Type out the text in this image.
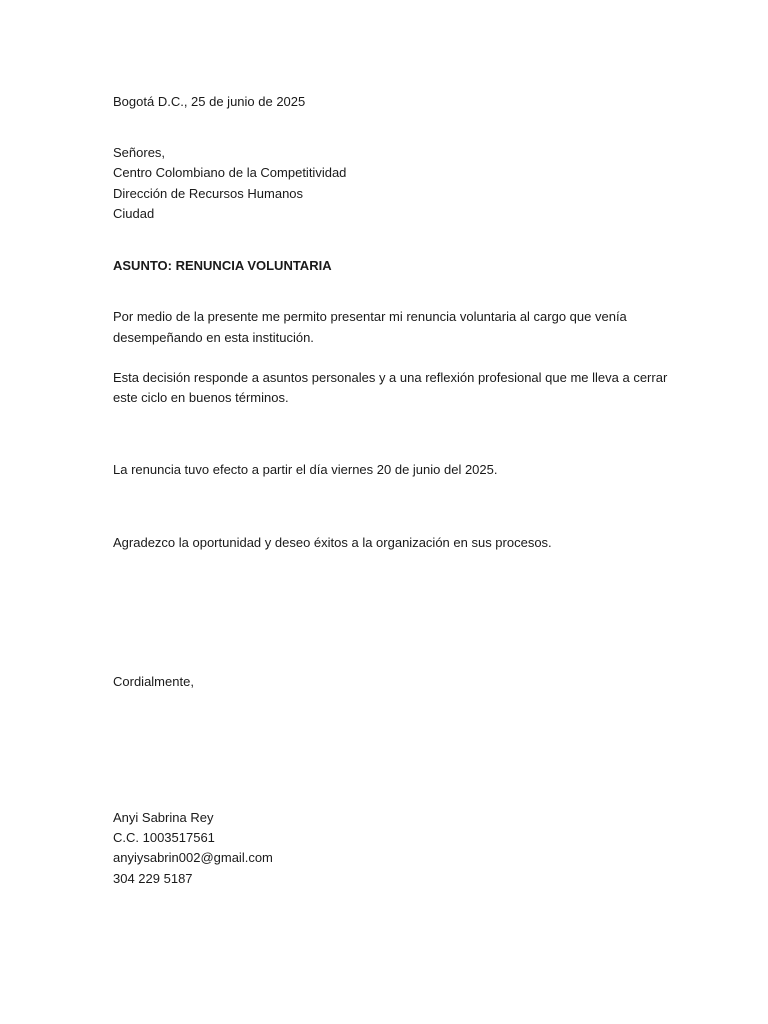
Bogotá D.C., 25 de junio de 2025
Señores,
Centro Colombiano de la Competitividad
Dirección de Recursos Humanos
Ciudad
ASUNTO: RENUNCIA VOLUNTARIA
Por medio de la presente me permito presentar mi renuncia voluntaria al cargo que venía
desempeñando en esta institución.
Esta decisión responde a asuntos personales y a una reflexión profesional que me lleva a cerrar
este ciclo en buenos términos.
La renuncia tuvo efecto a partir el día viernes 20 de junio del 2025.
Agradezco la oportunidad y deseo éxitos a la organización en sus procesos.
Cordialmente,
Anyi Sabrina Rey
C.C. 1003517561
anyiysabrin002@gmail.com
304 229 5187
